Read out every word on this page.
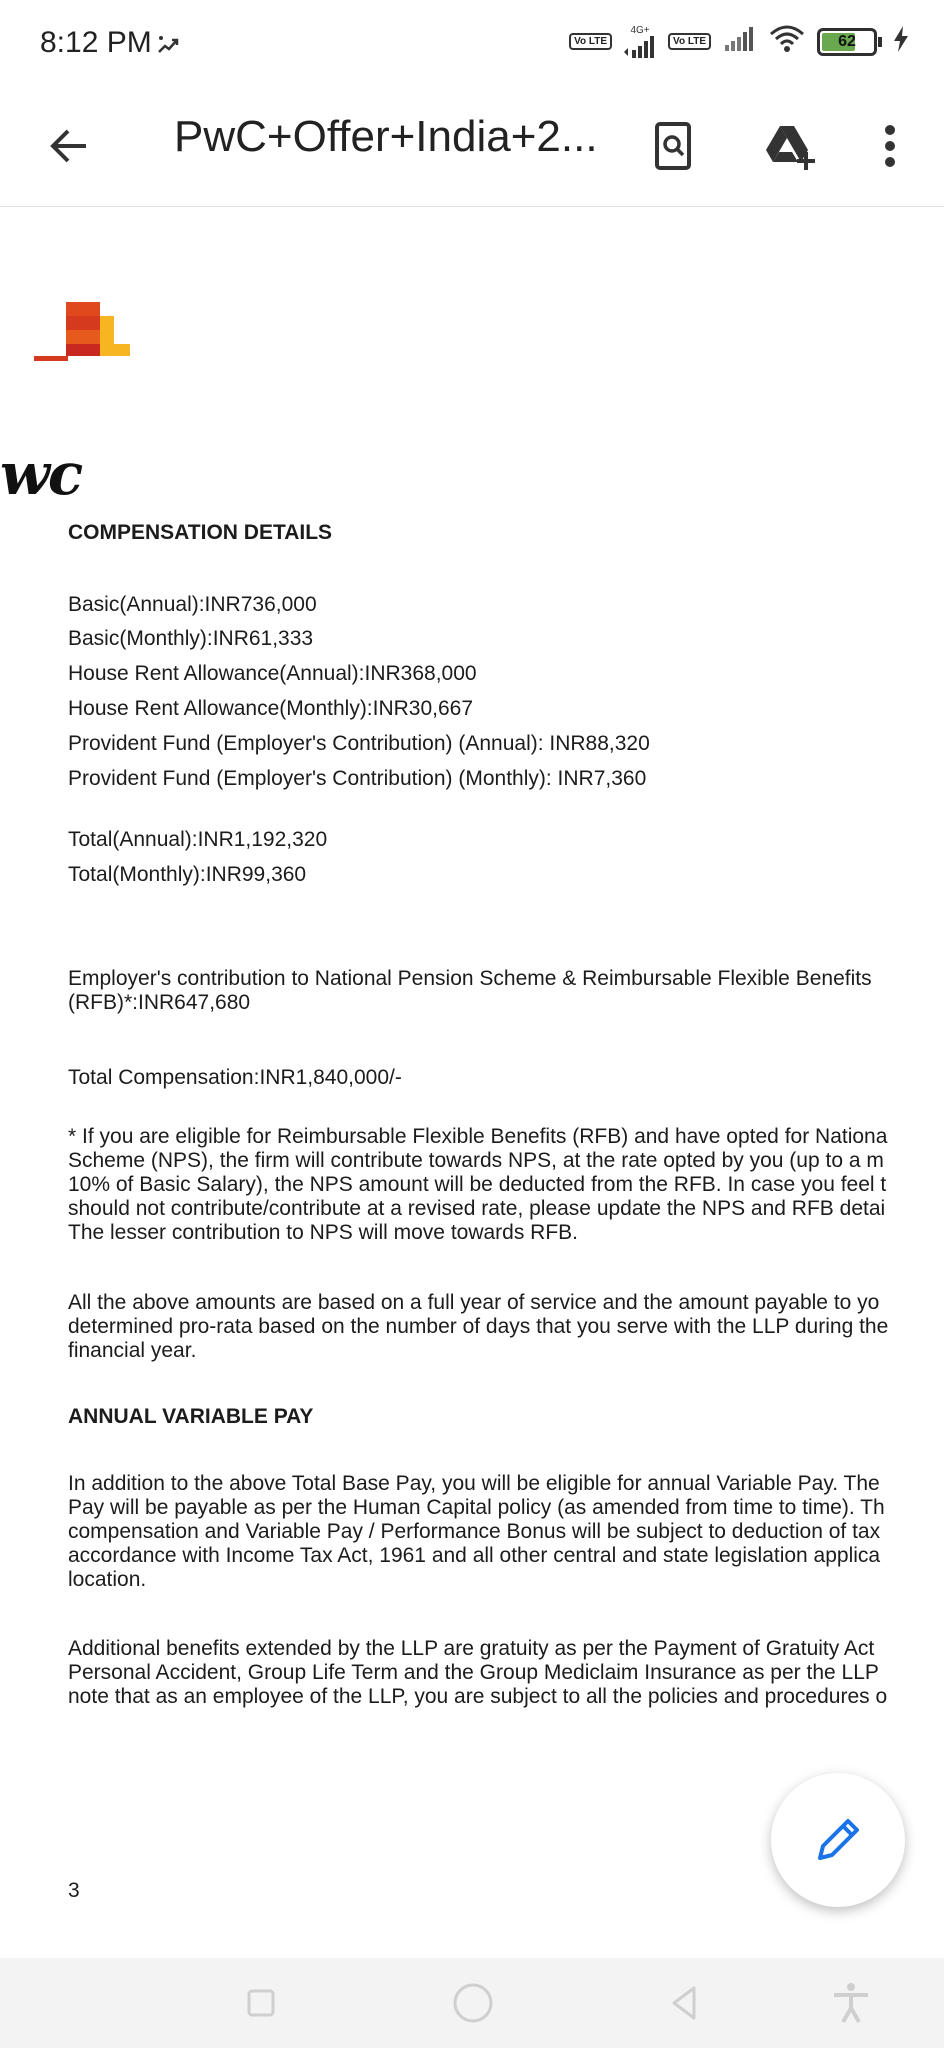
8:12 PM	Vo LTE
4G+
Vo LTE	62
PwC+Offer+India+2...
wc
COMPENSATION DETAILS
Basic(Annual):INR736,000
Basic(Monthly):INR61,333
House Rent Allowance(Annual):INR368,000
House Rent Allowance(Monthly):INR30,667
Provident Fund (Employer's Contribution) (Annual): INR88,320
Provident Fund (Employer's Contribution) (Monthly): INR7,360
Total(Annual):INR1,192,320
Total(Monthly):INR99,360
Employer's contribution to National Pension Scheme & Reimbursable Flexible Benefits
(RFB)*:INR647,680
Total Compensation:INR1,840,000/-
* If you are eligible for Reimbursable Flexible Benefits (RFB) and have opted for Nationa
Scheme (NPS), the firm will contribute towards NPS, at the rate opted by you (up to a m
10% of Basic Salary), the NPS amount will be deducted from the RFB. In case you feel t
should not contribute/contribute at a revised rate, please update the NPS and RFB detai
The lesser contribution to NPS will move towards RFB.
All the above amounts are based on a full year of service and the amount payable to yo
determined pro-rata based on the number of days that you serve with the LLP during the
financial year.
ANNUAL VARIABLE PAY
In addition to the above Total Base Pay, you will be eligible for annual Variable Pay. The
Pay will be payable as per the Human Capital policy (as amended from time to time). Th
compensation and Variable Pay / Performance Bonus will be subject to deduction of tax
accordance with Income Tax Act, 1961 and all other central and state legislation applica
location.
Additional benefits extended by the LLP are gratuity as per the Payment of Gratuity Act
Personal Accident, Group Life Term and the Group Mediclaim Insurance as per the LLP
note that as an employee of the LLP, you are subject to all the policies and procedures o
3
